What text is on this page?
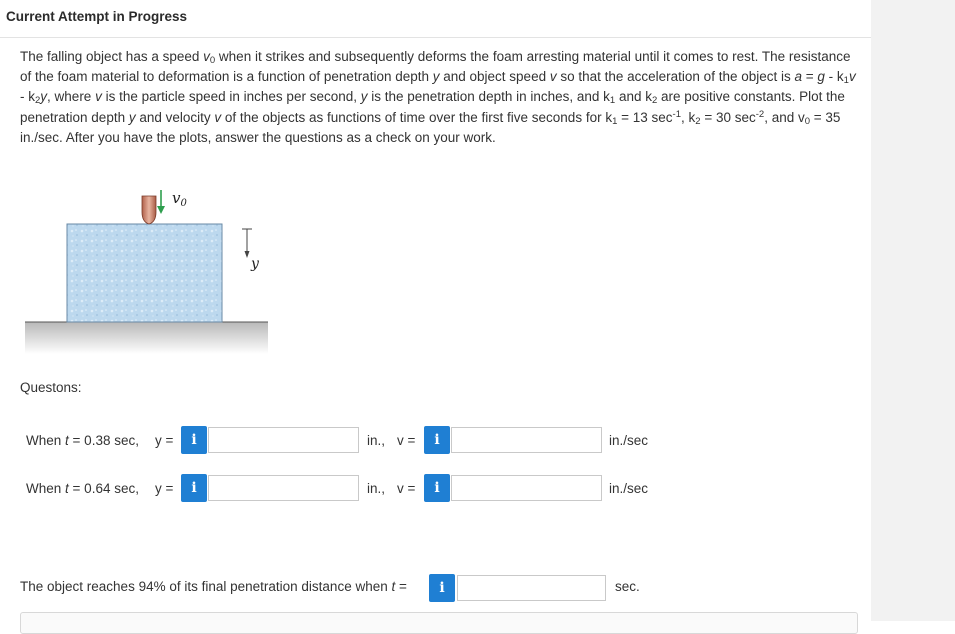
Current Attempt in Progress
The falling object has a speed $v_0$ when it strikes and subsequently deforms the foam arresting material until it comes to rest. The resistance of the foam material to deformation is a function of penetration depth y and object speed v so that the acceleration of the object is $a = g - k_1v - k_2y$, where v is the particle speed in inches per second, y is the penetration depth in inches, and $k_1$ and $k_2$ are positive constants. Plot the penetration depth y and velocity v of the objects as functions of time over the first five seconds for $k_1 = 13$ $\sec^{-1}$, $k_2 = 30$ $\sec^{-2}$, and $v_0 = 35$ in./sec. After you have the plots, answer the questions as a check on your work.
$v_0$
y
Questons:
When t = 0.38 sec, y =	i	in., v =	i	in./sec
When t = 0.64 sec, y =	i	in., v =	i	in./sec
The object reaches 94% of its final penetration distance when t =	i	sec.
